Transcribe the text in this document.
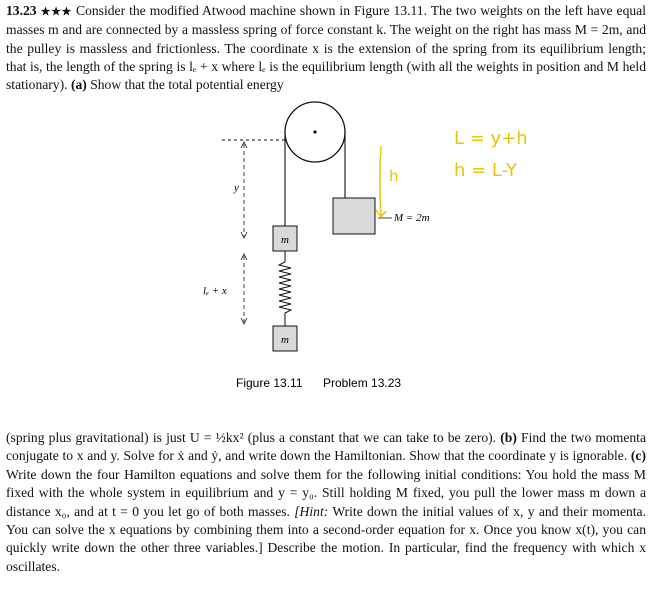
13.23 ★★★ Consider the modified Atwood machine shown in Figure 13.11. The two weights on the left have equal masses m and are connected by a massless spring of force constant k. The weight on the right has mass M = 2m, and the pulley is massless and frictionless. The coordinate x is the extension of the spring from its equilibrium length; that is, the length of the spring is lₑ + x where lₑ is the equilibrium length (with all the weights in position and M held stationary). (a) Show that the total potential energy

y
lₑ + x
m
m
M = 2m
h
L = y+h
h = L-Y
Figure 13.11 Problem 13.23

(spring plus gravitational) is just U = ½kx² (plus a constant that we can take to be zero). (b) Find the two momenta conjugate to x and y. Solve for ẋ and ẏ, and write down the Hamiltonian. Show that the coordinate y is ignorable. (c) Write down the four Hamilton equations and solve them for the following initial conditions: You hold the mass M fixed with the whole system in equilibrium and y = y₀. Still holding M fixed, you pull the lower mass m down a distance x₀, and at t = 0 you let go of both masses. [Hint: Write down the initial values of x, y and their momenta. You can solve the x equations by combining them into a second-order equation for x. Once you know x(t), you can quickly write down the other three variables.] Describe the motion. In particular, find the frequency with which x oscillates.
